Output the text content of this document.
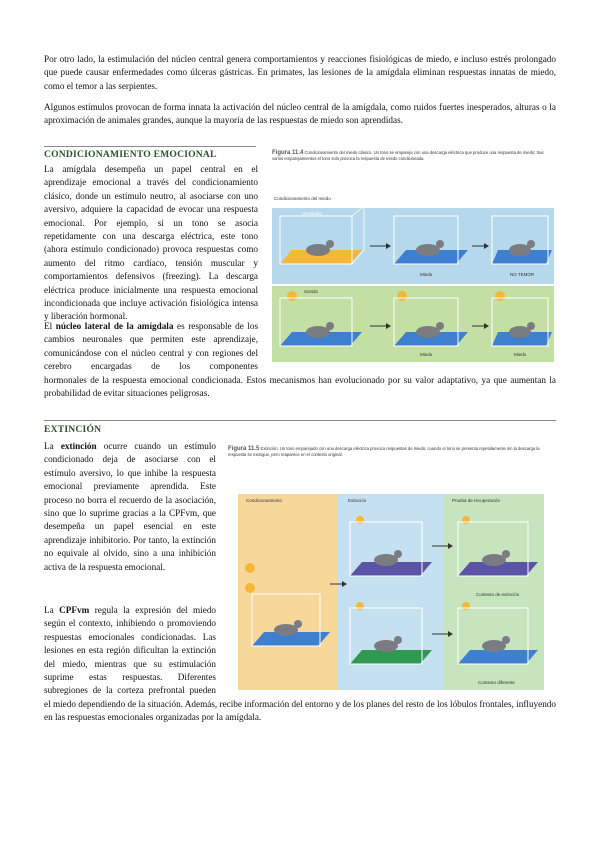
Por otro lado, la estimulación del núcleo central genera comportamientos y reacciones fisiológicas de miedo, e incluso estrés prolongado que puede causar enfermedades como úlceras gástricas. En primates, las lesiones de la amígdala eliminan respuestas innatas de miedo, como el temor a las serpientes.

Algunos estímulos provocan de forma innata la activación del núcleo central de la amígdala, como ruidos fuertes inesperados, alturas o la aproximación de animales grandes, aunque la mayoría de las respuestas de miedo son aprendidas.

CONDICIONAMIENTO EMOCIONAL

La amígdala desempeña un papel central en el aprendizaje emocional a través del condicionamiento clásico, donde un estímulo neutro, al asociarse con uno aversivo, adquiere la capacidad de evocar una respuesta emocional. Por ejemplo, si un tono se asocia repetidamente con una descarga eléctrica, este tono (ahora estímulo condicionado) provoca respuestas como aumento del ritmo cardíaco, tensión muscular y comportamientos defensivos (freezing). La descarga eléctrica produce inicialmente una respuesta emocional incondicionada que incluye activación fisiológica intensa y liberación hormonal.

El núcleo lateral de la amígdala es responsable de los cambios neuronales que permiten este aprendizaje, comunicándose con el núcleo central y con regiones del cerebro encargadas de los componentes

hormonales de la respuesta emocional condicionada. Estos mecanismos han evolucionado por su valor adaptativo, ya que aumentan la probabilidad de evitar situaciones peligrosas.

Figura 11.4 Condicionamiento del miedo clásico. Un tono se empareja con una descarga eléctrica que produce una respuesta de miedo; tras varios emparejamientos el tono solo provoca la respuesta de miedo condicionada.
Condicionamiento del miedo
Ventilador
Miedo	NO TEMOR
Sonido
Miedo	Miedo
EXTINCIÓN

La extinción ocurre cuando un estímulo condicionado deja de asociarse con el estímulo aversivo, lo que inhibe la respuesta emocional previamente aprendida. Este proceso no borra el recuerdo de la asociación, sino que lo suprime gracias a la CPFvm, que desempeña un papel esencial en este aprendizaje inhibitorio. Por tanto, la extinción no equivale al olvido, sino a una inhibición activa de la respuesta emocional.

La CPFvm regula la expresión del miedo según el contexto, inhibiendo o promoviendo respuestas emocionales condicionadas. Las lesiones en esta región dificultan la extinción del miedo, mientras que su estimulación suprime estas respuestas. Diferentes subregiones de la corteza prefrontal pueden

el miedo dependiendo de la situación. Además, recibe información del entorno y de los planes del resto de los lóbulos frontales, influyendo en las respuestas emocionales organizadas por la amígdala.

Figura 11.5 Extinción. Un tono emparejado con una descarga eléctrica provoca respuestas de miedo; cuando el tono se presenta repetidamente sin la descarga la respuesta se extingue, pero reaparece en el contexto original.
Condicionamiento	Extinción	Prueba de recuperación
Contexto de extinción
Contexto diferente
